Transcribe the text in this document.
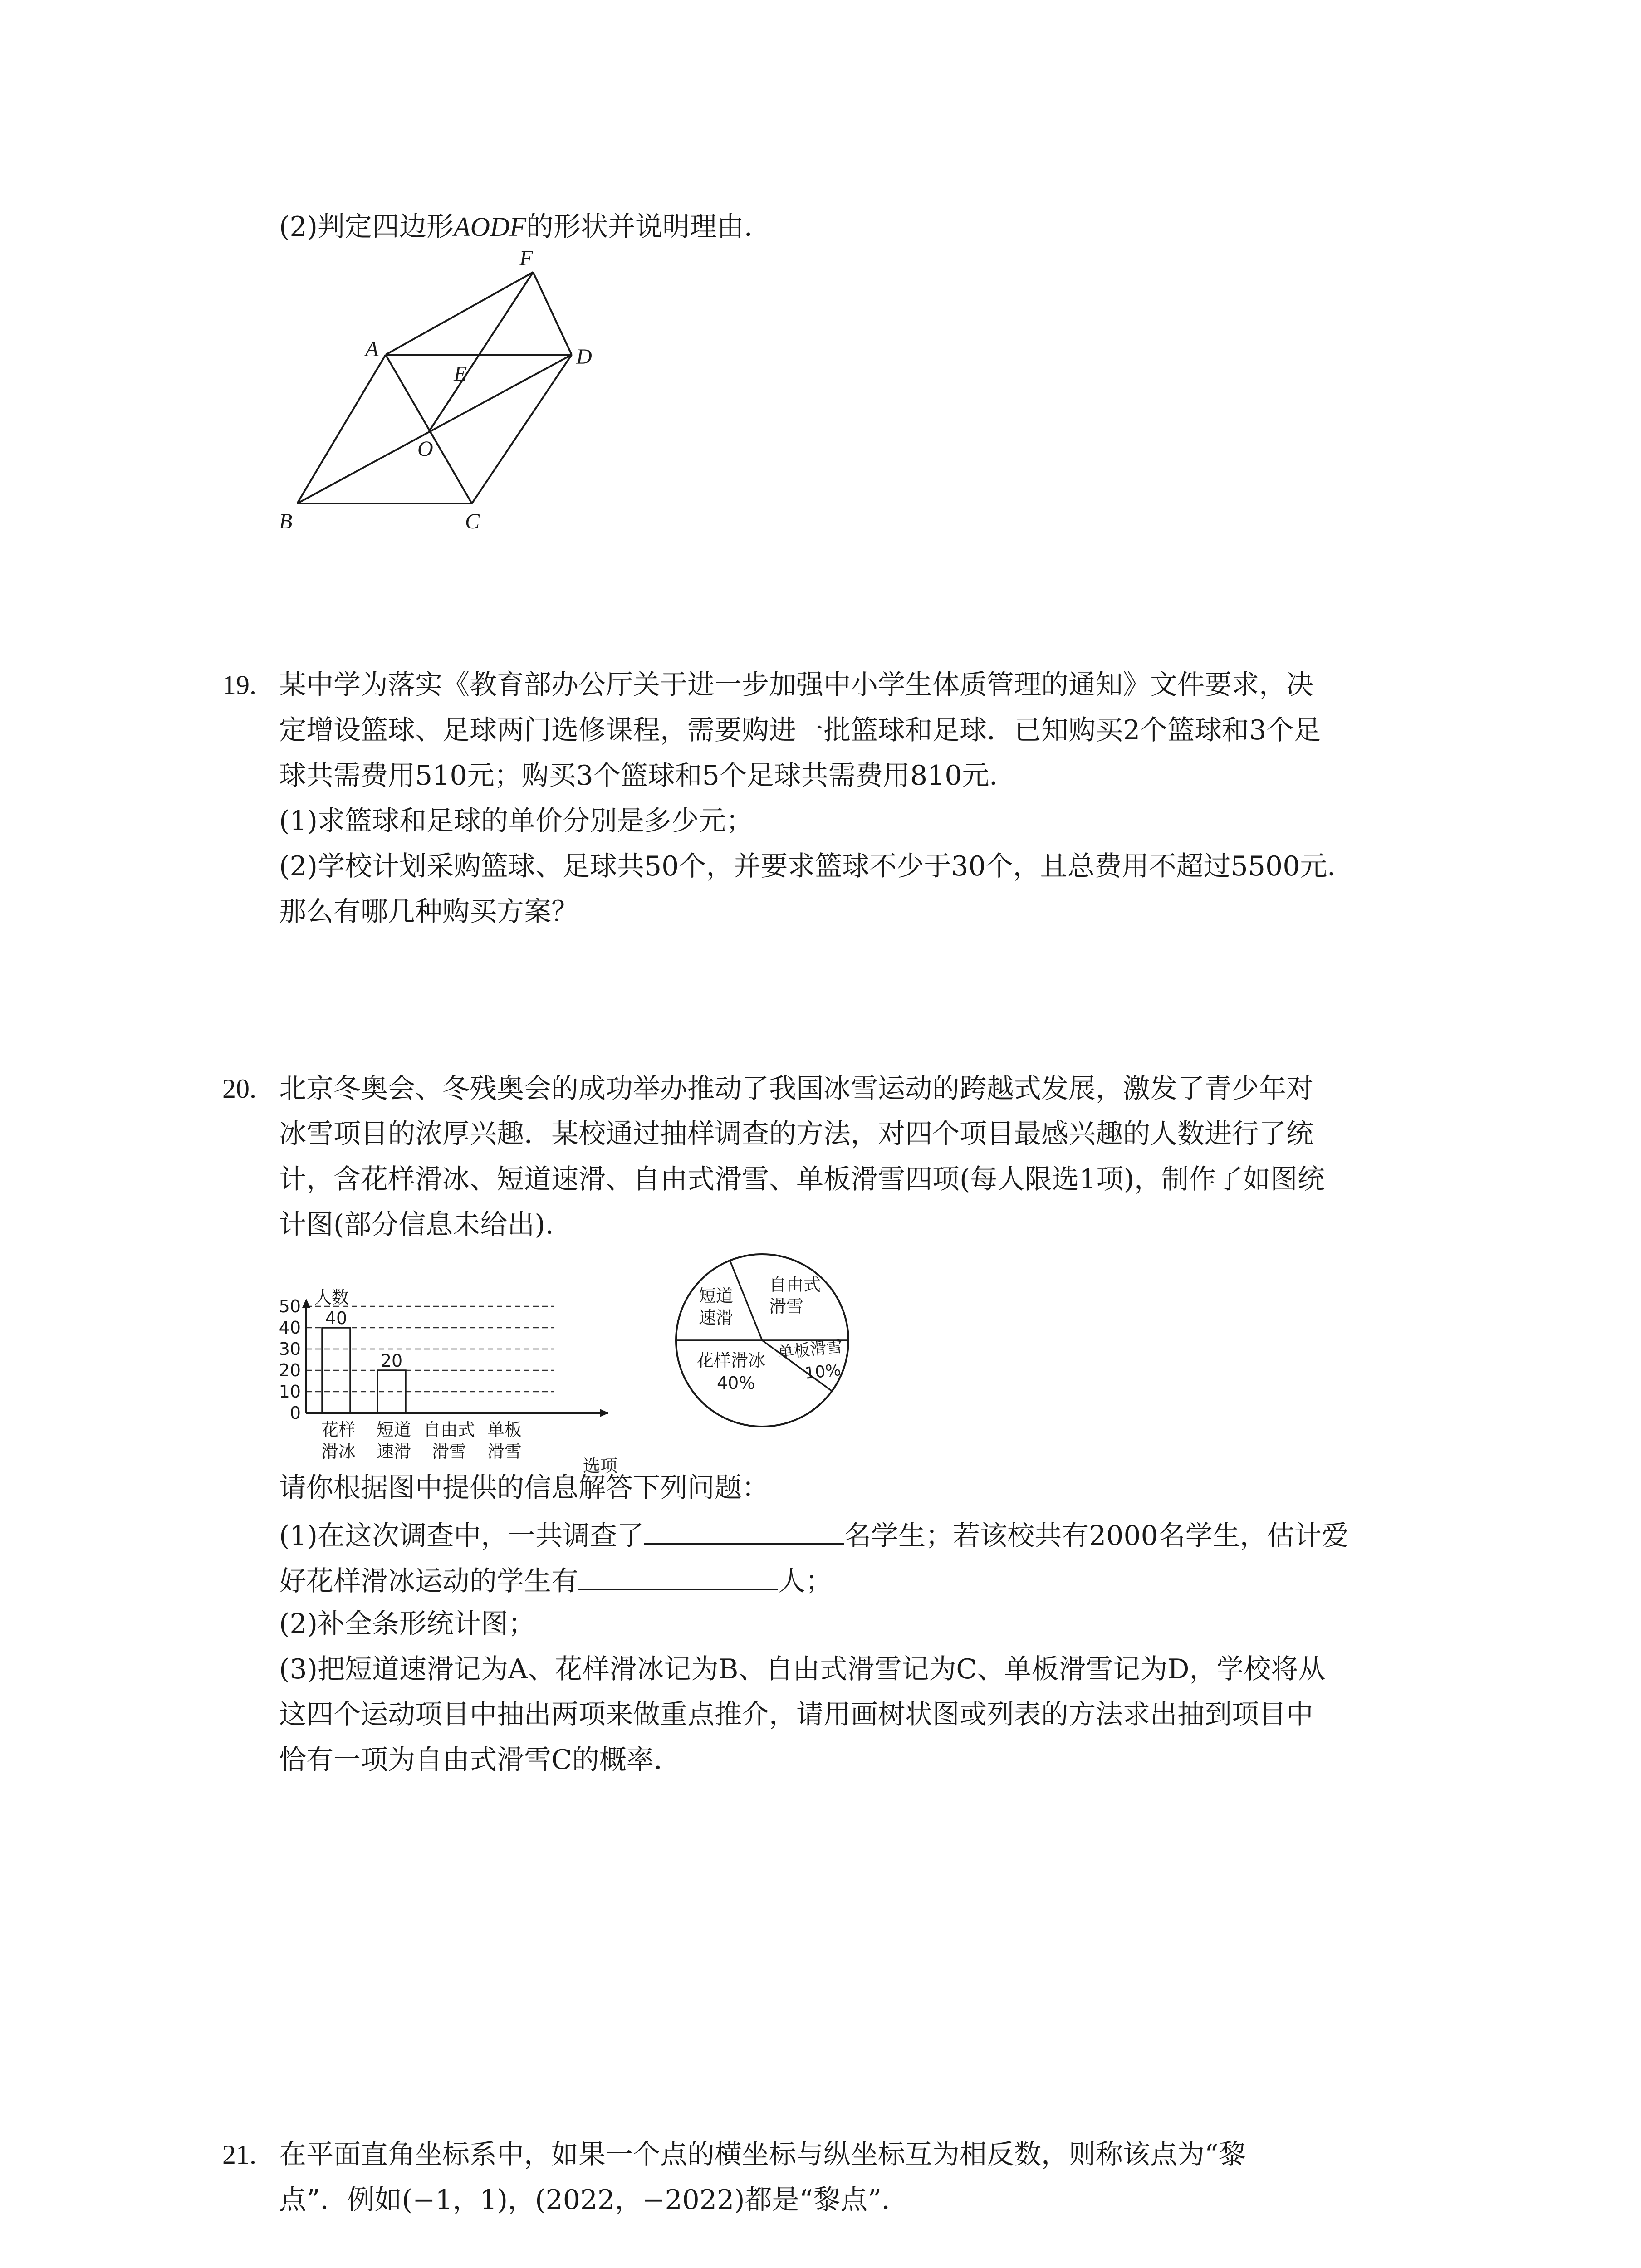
(2)判定四边形AODF的形状并说明理由．
F
A	D
E
O
B	C
19. 某中学为落实《教育部办公厅关于进一步加强中小学生体质管理的通知》文件要求，决
定增设篮球、足球两门选修课程，需要购进一批篮球和足球．已知购买2个篮球和3个足
球共需费用510元；购买3个篮球和5个足球共需费用810元．
(1)求篮球和足球的单价分别是多少元；
(2)学校计划采购篮球、足球共50个，并要求篮球不少于30个，且总费用不超过5500元．
那么有哪几种购买方案？
20. 北京冬奥会、冬残奥会的成功举办推动了我国冰雪运动的跨越式发展，激发了青少年对
冰雪项目的浓厚兴趣．某校通过抽样调查的方法，对四个项目最感兴趣的人数进行了统
计，含花样滑冰、短道速滑、自由式滑雪、单板滑雪四项(每人限选1项)，制作了如图统
计图(部分信息未给出)．
0
10
20
30
40
50 人数
选项
40
花样
滑冰
20
短道
速滑
自由式
滑雪
单板
滑雪
短道
速滑
自由式
滑雪
单板滑雪
10%
花样滑冰
40%
请你根据图中提供的信息解答下列问题：
(1)在这次调查中，一共调查了	名学生；若该校共有2000名学生，估计爱
好花样滑冰运动的学生有	人；
(2)补全条形统计图；
(3)把短道速滑记为A、花样滑冰记为B、自由式滑雪记为C、单板滑雪记为D，学校将从
这四个运动项目中抽出两项来做重点推介，请用画树状图或列表的方法求出抽到项目中
恰有一项为自由式滑雪C的概率．
21. 在平面直角坐标系中，如果一个点的横坐标与纵坐标互为相反数，则称该点为“黎
点”．例如(−1，1)，(2022，−2022)都是“黎点”．
